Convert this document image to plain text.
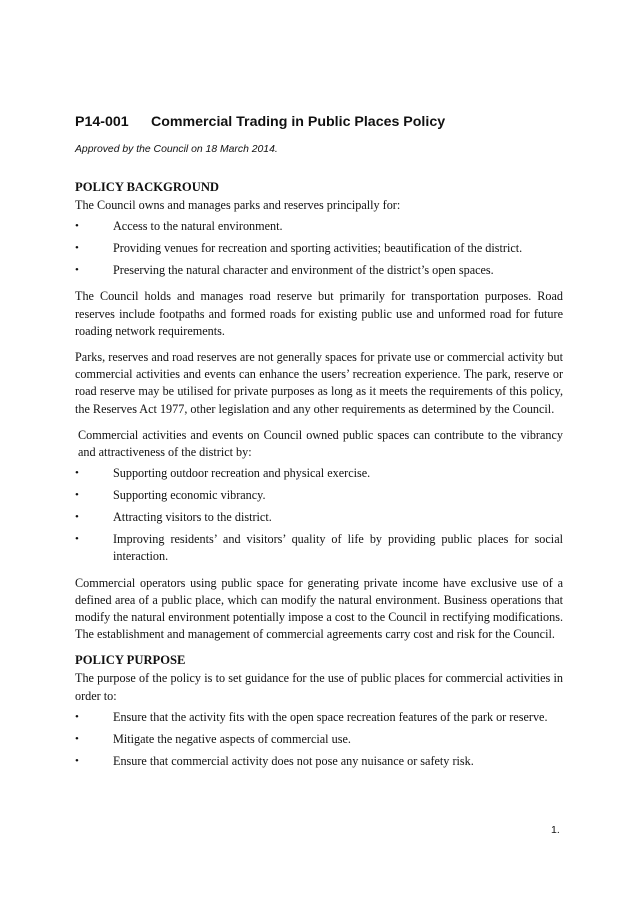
P14-001	Commercial Trading in Public Places Policy
Approved by the Council on 18 March 2014.
POLICY BACKGROUND

The Council owns and manages parks and reserves principally for:

•	Access to the natural environment.
•	Providing venues for recreation and sporting activities; beautification of the district.
•	Preserving the natural character and environment of the district’s open spaces.

The Council holds and manages road reserve but primarily for transportation purposes. Road reserves include footpaths and formed roads for existing public use and unformed road for future roading network requirements.

Parks, reserves and road reserves are not generally spaces for private use or commercial activity but commercial activities and events can enhance the users’ recreation experience. The park, reserve or road reserve may be utilised for private purposes as long as it meets the requirements of this policy, the Reserves Act 1977, other legislation and any other requirements as determined by the Council.

Commercial activities and events on Council owned public spaces can contribute to the vibrancy and attractiveness of the district by:

•	Supporting outdoor recreation and physical exercise.
•	Supporting economic vibrancy.
•	Attracting visitors to the district.
•	Improving residents’ and visitors’ quality of life by providing public places for social interaction.

Commercial operators using public space for generating private income have exclusive use of a defined area of a public place, which can modify the natural environment. Business operations that modify the natural environment potentially impose a cost to the Council in rectifying modifications. The establishment and management of commercial agreements carry cost and risk for the Council.

POLICY PURPOSE

The purpose of the policy is to set guidance for the use of public places for commercial activities in order to:

•	Ensure that the activity fits with the open space recreation features of the park or reserve.
•	Mitigate the negative aspects of commercial use.
•	Ensure that commercial activity does not pose any nuisance or safety risk.
1.
